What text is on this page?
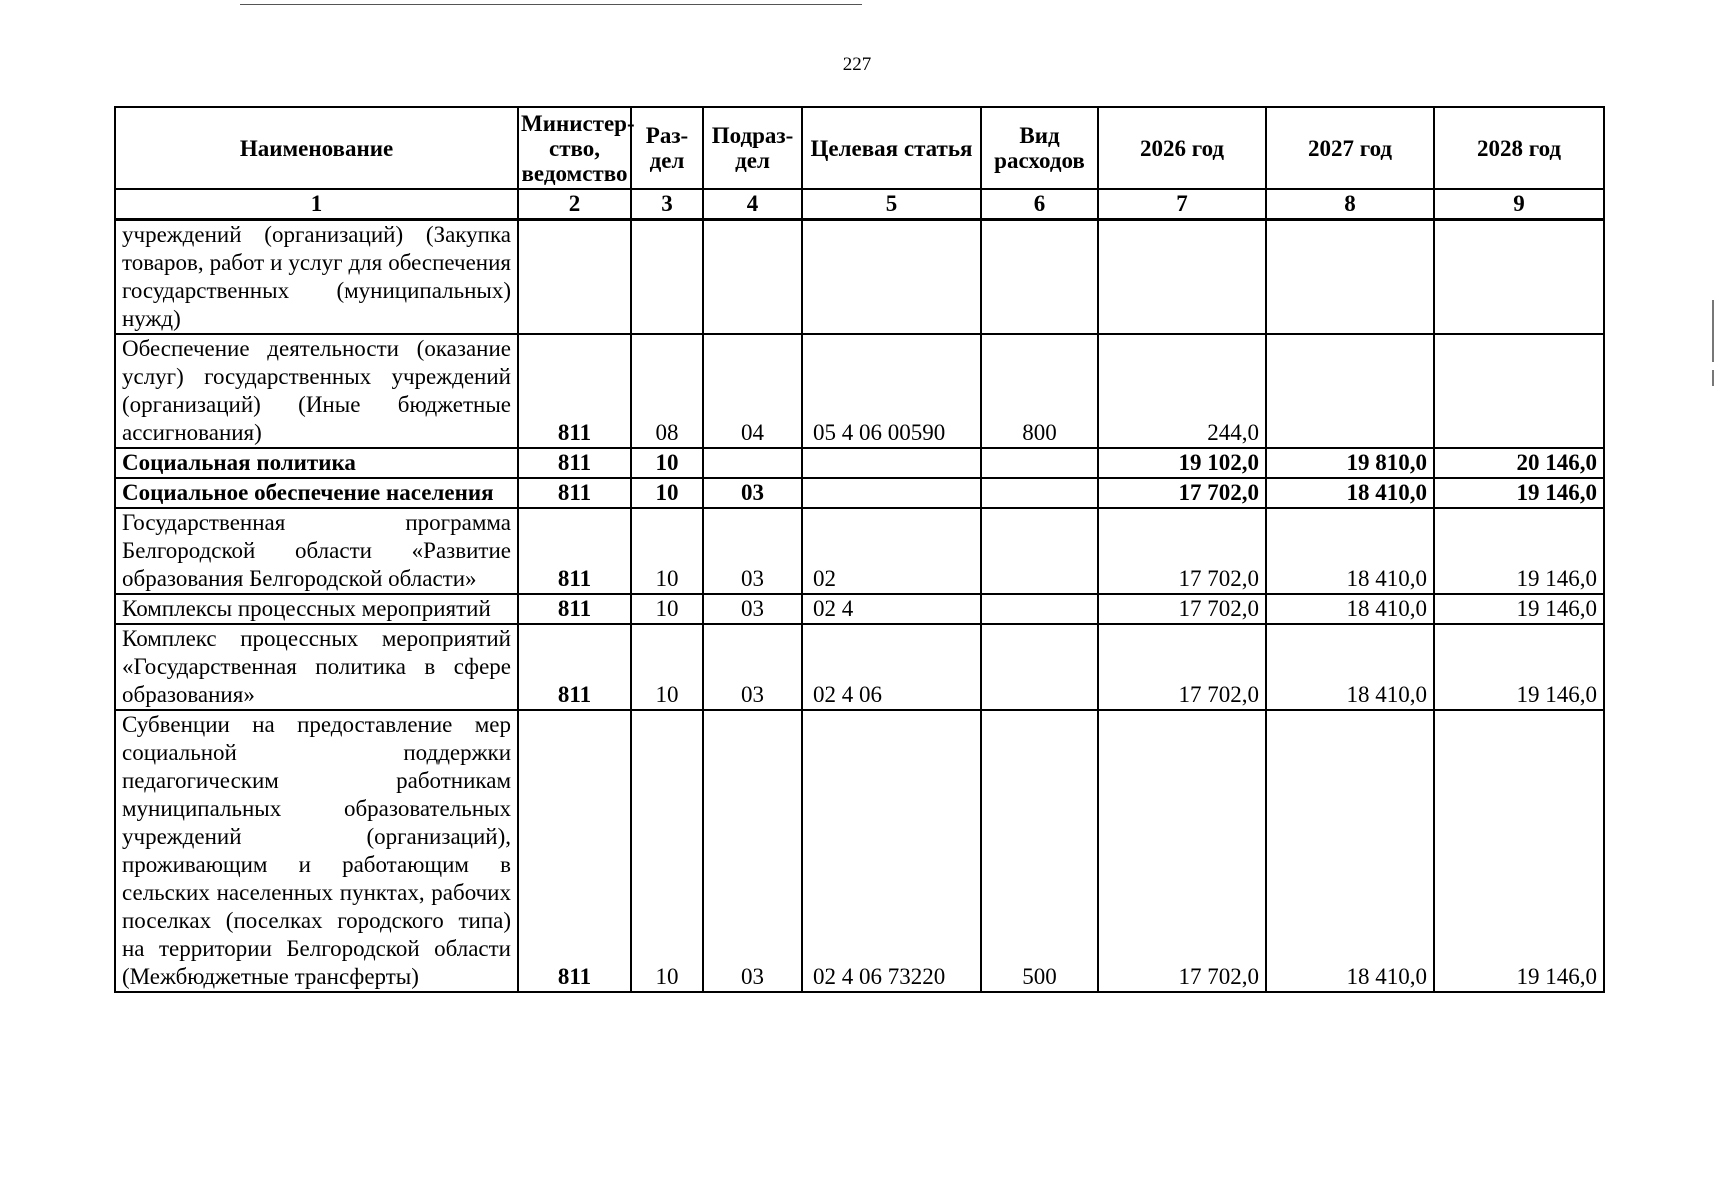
227
Наименование	Министер-ство, ведомство	Раз-дел	Подраз-дел	Целевая статья	Вид расходов	2026 год	2027 год	2028 год
1	2	3	4	5	6	7	8	9
учреждений (организаций) (Закупка товаров, работ и услуг для обеспечения государственных (муниципальных) нужд)								
Обеспечение деятельности (оказание услуг) государственных учреждений (организаций) (Иные бюджетные ассигнования)	811	08	04	05 4 06 00590	800	244,0		
Социальная политика	811	10				19 102,0	19 810,0	20 146,0
Социальное обеспечение населения	811	10	03			17 702,0	18 410,0	19 146,0
Государственная программа Белгородской области «Развитие образования Белгородской области»	811	10	03	02		17 702,0	18 410,0	19 146,0
Комплексы процессных мероприятий	811	10	03	02 4		17 702,0	18 410,0	19 146,0
Комплекс процессных мероприятий «Государственная политика в сфере образования»	811	10	03	02 4 06		17 702,0	18 410,0	19 146,0
Субвенции на предоставление мер социальной поддержки педагогическим работникам муниципальных образовательных учреждений (организаций), проживающим и работающим в сельских населенных пунктах, рабочих поселках (поселках городского типа) на территории Белгородской области (Межбюджетные трансферты)	811	10	03	02 4 06 73220	500	17 702,0	18 410,0	19 146,0
